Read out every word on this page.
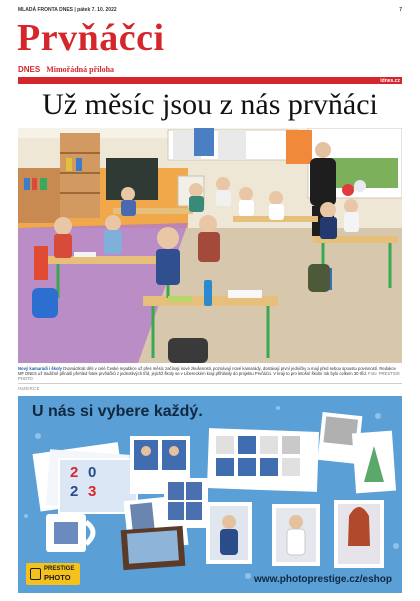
MLADÁ FRONTA DNES | pátek 7. 10. 2022	7
Prvňáčci
DNES Mimořádná příloha
idnes.cz
Už měsíc jsou z nás prvňáci
Nový kamarádi i školy Dvanáctkrát děti v celé České republice už přes měsíc začínají nové zkušenosti, poznávají nové kamarády, dostávají první jedničky a mají před sebou spoustu povinností. Redakce MF DNES už tradičně přináší přehled fotek prvňáčků z jednotlivých tříd, jejichž školy se v Libereckém kraji přihlásily do projektu Prvňáčci. V kraji to pro letošní školní rok bylo celkem 30 tříd. Foto: PRESTIGE PHOTO
INZERCE
U nás si vybere každý.
2 0
2 3
PRESTIGE
PHOTO	www.photoprestige.cz/eshop
